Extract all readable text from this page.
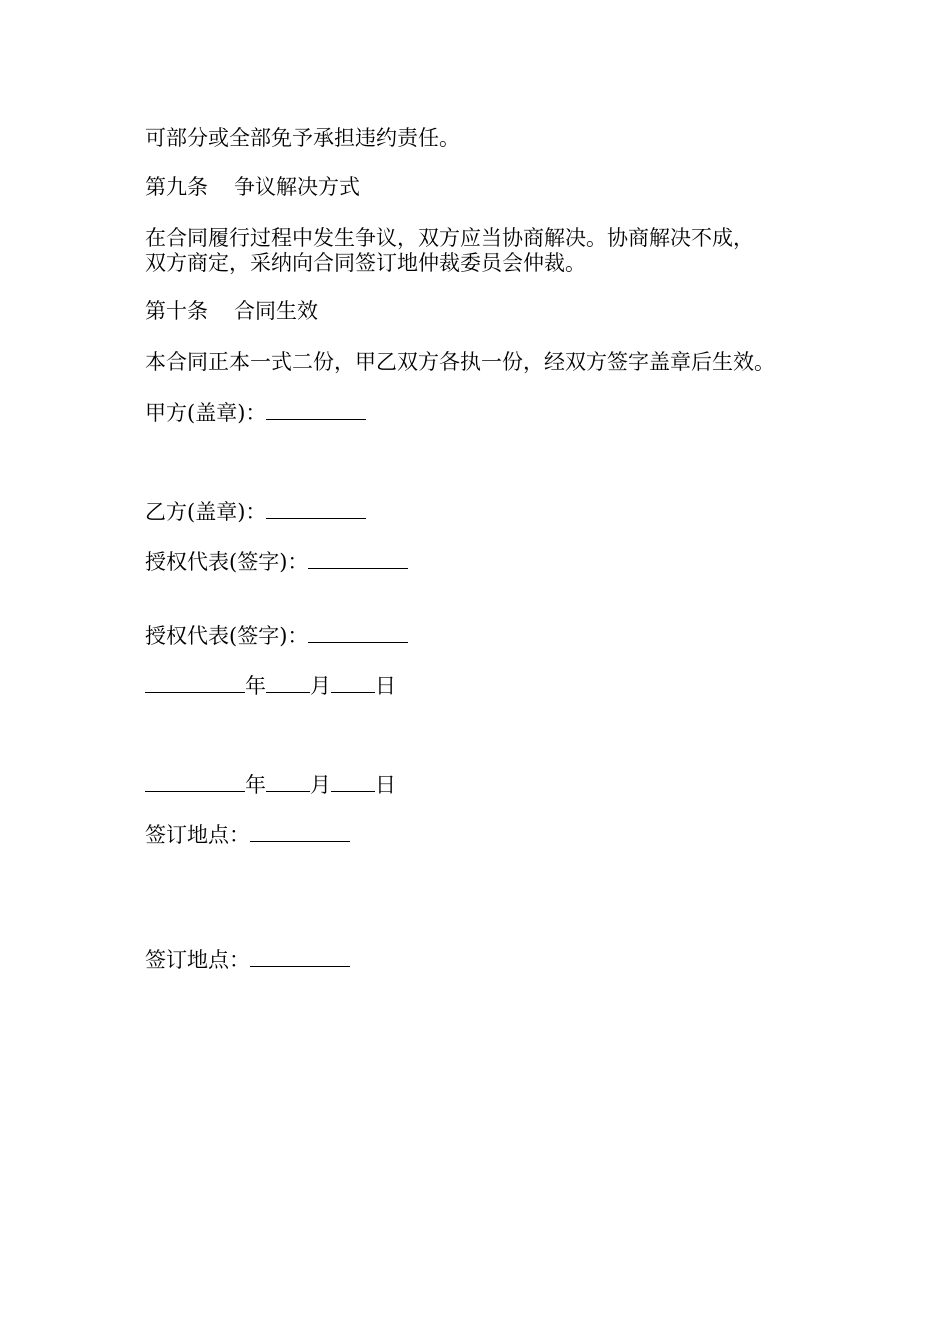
可部分或全部免予承担违约责任。
第九条 争议解决方式
在合同履行过程中发生争议，双方应当协商解决。协商解决不成，
双方商定，采纳向合同签订地仲裁委员会仲裁。
第十条 合同生效
本合同正本一式二份，甲乙双方各执一份，经双方签字盖章后生效。
甲方(盖章)：
乙方(盖章)：
授权代表(签字)：
授权代表(签字)：
年 月 日
年 月 日
签订地点：
签订地点：
